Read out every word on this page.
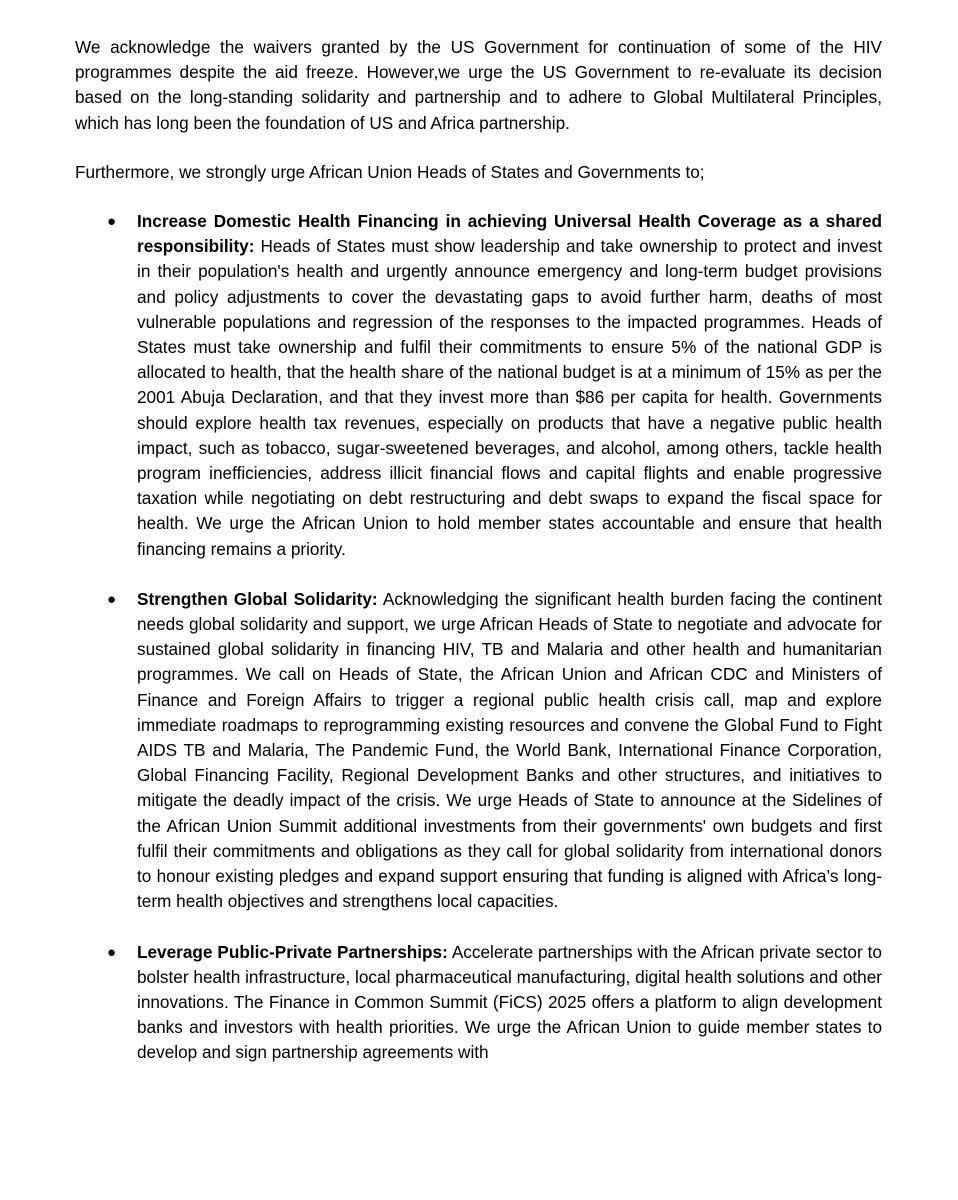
We acknowledge the waivers granted by the US Government for continuation of some of the HIV programmes despite the aid freeze. However,we urge the US Government to re-evaluate its decision based on the long-standing solidarity and partnership and to adhere to Global Multilateral Principles, which has long been the foundation of US and Africa partnership.

Furthermore, we strongly urge African Union Heads of States and Governments to;

● Increase Domestic Health Financing in achieving Universal Health Coverage as a shared responsibility: Heads of States must show leadership and take ownership to protect and invest in their population's health and urgently announce emergency and long-term budget provisions and policy adjustments to cover the devastating gaps to avoid further harm, deaths of most vulnerable populations and regression of the responses to the impacted programmes. Heads of States must take ownership and fulfil their commitments to ensure 5% of the national GDP is allocated to health, that the health share of the national budget is at a minimum of 15% as per the 2001 Abuja Declaration, and that they invest more than $86 per capita for health. Governments should explore health tax revenues, especially on products that have a negative public health impact, such as tobacco, sugar-sweetened beverages, and alcohol, among others, tackle health program inefficiencies, address illicit financial flows and capital flights and enable progressive taxation while negotiating on debt restructuring and debt swaps to expand the fiscal space for health. We urge the African Union to hold member states accountable and ensure that health financing remains a priority.
● Strengthen Global Solidarity: Acknowledging the significant health burden facing the continent needs global solidarity and support, we urge African Heads of State to negotiate and advocate for sustained global solidarity in financing HIV, TB and Malaria and other health and humanitarian programmes. We call on Heads of State, the African Union and African CDC and Ministers of Finance and Foreign Affairs to trigger a regional public health crisis call, map and explore immediate roadmaps to reprogramming existing resources and convene the Global Fund to Fight AIDS TB and Malaria, The Pandemic Fund, the World Bank, International Finance Corporation, Global Financing Facility, Regional Development Banks and other structures, and initiatives to mitigate the deadly impact of the crisis. We urge Heads of State to announce at the Sidelines of the African Union Summit additional investments from their governments' own budgets and first fulfil their commitments and obligations as they call for global solidarity from international donors to honour existing pledges and expand support ensuring that funding is aligned with Africa’s long-term health objectives and strengthens local capacities.
● Leverage Public-Private Partnerships: Accelerate partnerships with the African private sector to bolster health infrastructure, local pharmaceutical manufacturing, digital health solutions and other innovations. The Finance in Common Summit (FiCS) 2025 offers a platform to align development banks and investors with health priorities. We urge the African Union to guide member states to develop and sign partnership agreements with
